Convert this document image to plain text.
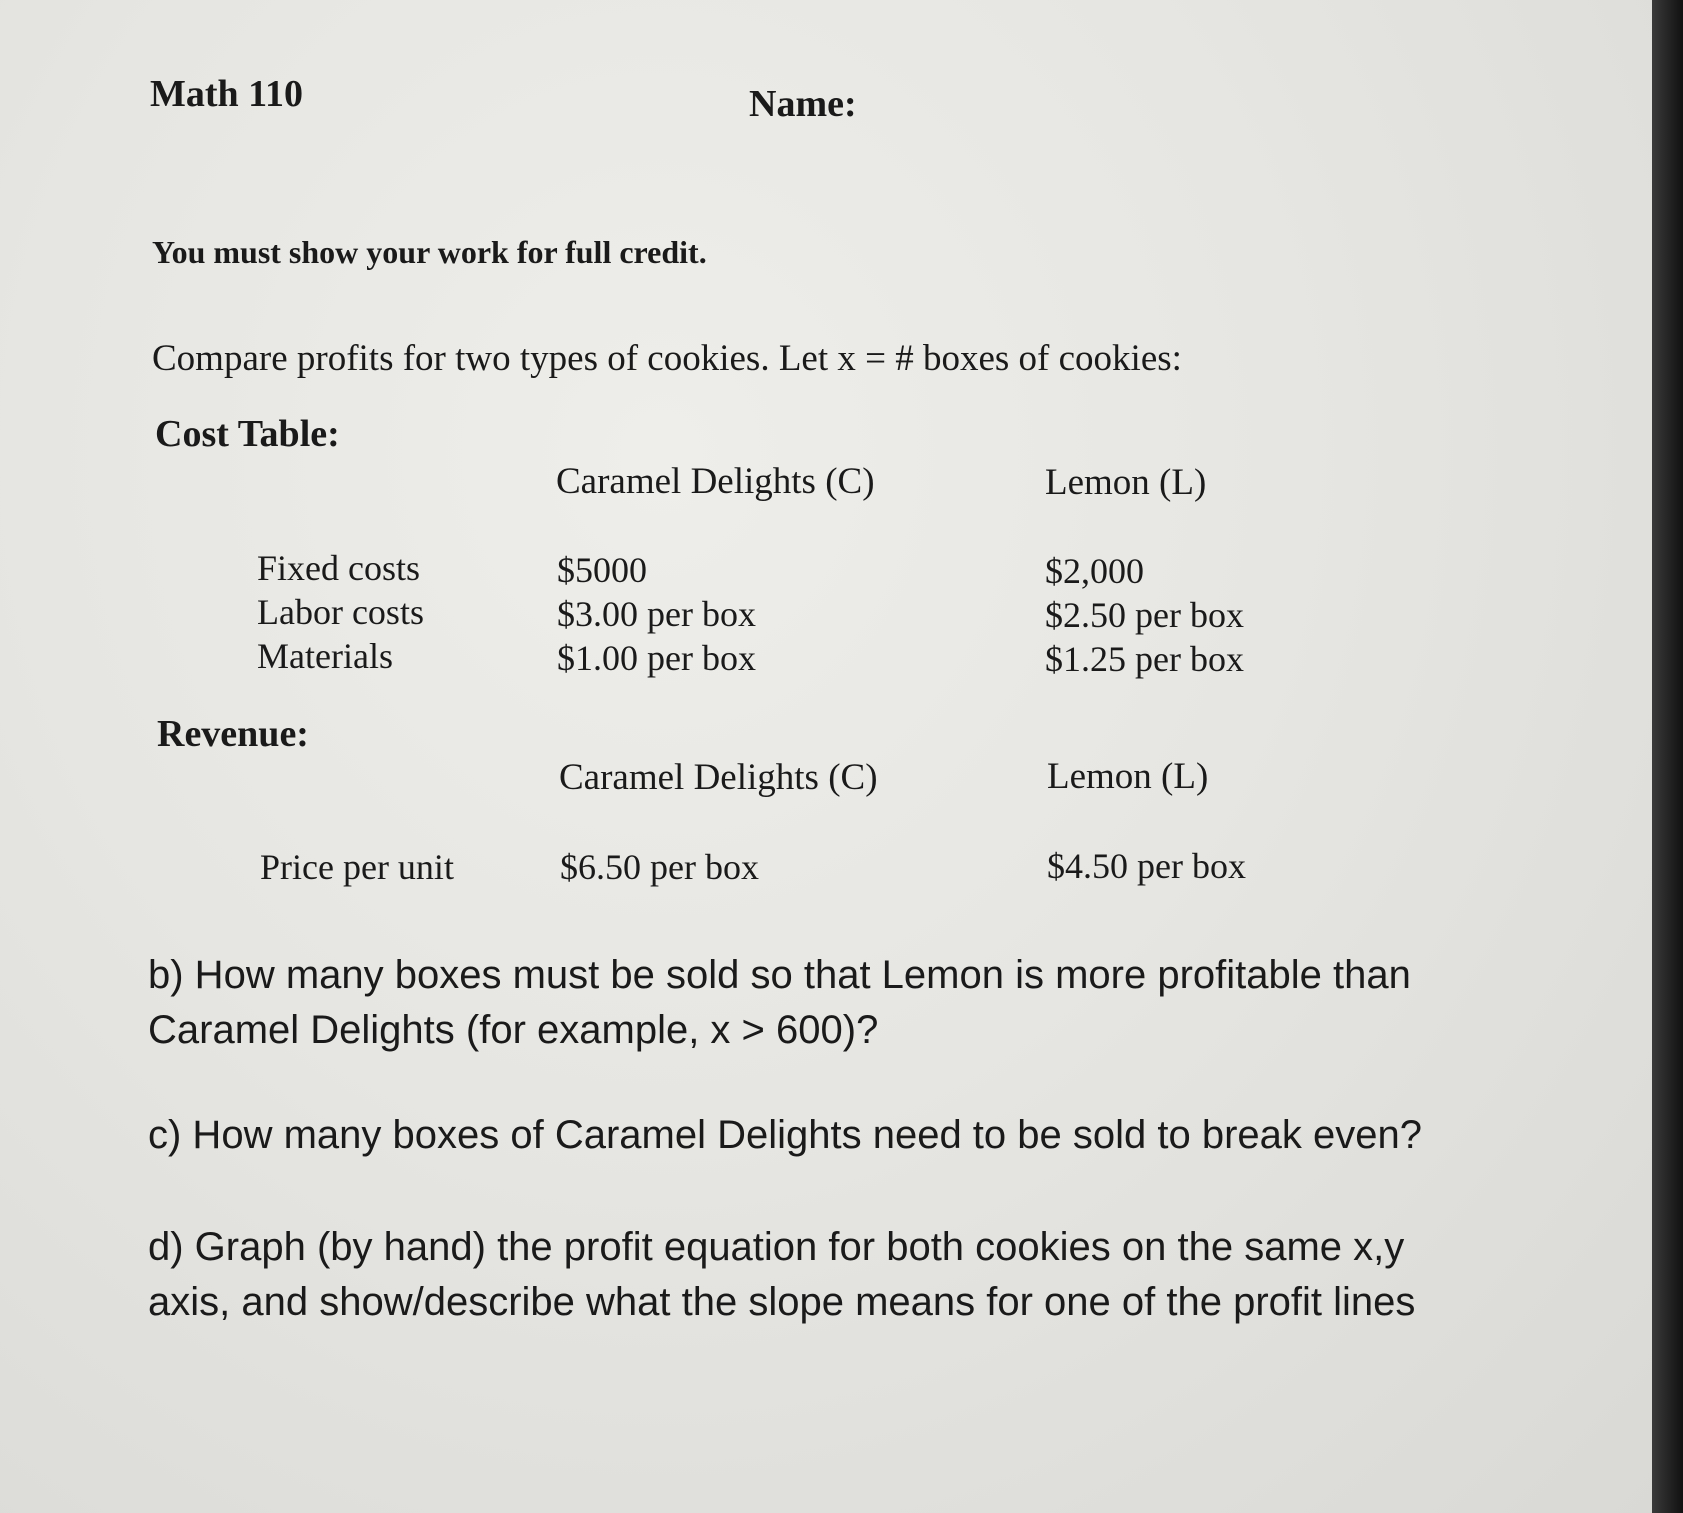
Math 110	Name:
You must show your work for full credit.
Compare profits for two types of cookies. Let x = # boxes of cookies:
Cost Table:
Caramel Delights (C)	Lemon (L)
Fixed costs	$5000	$2,000
Labor costs	$3.00 per box	$2.50 per box
Materials	$1.00 per box	$1.25 per box
Revenue:
Caramel Delights (C)	Lemon (L)
Price per unit	$6.50 per box	$4.50 per box
b) How many boxes must be sold so that Lemon is more profitable than Caramel Delights (for example, x > 600)?
c) How many boxes of Caramel Delights need to be sold to break even?
d) Graph (by hand) the profit equation for both cookies on the same x,y axis, and show/describe what the slope means for one of the profit lines
